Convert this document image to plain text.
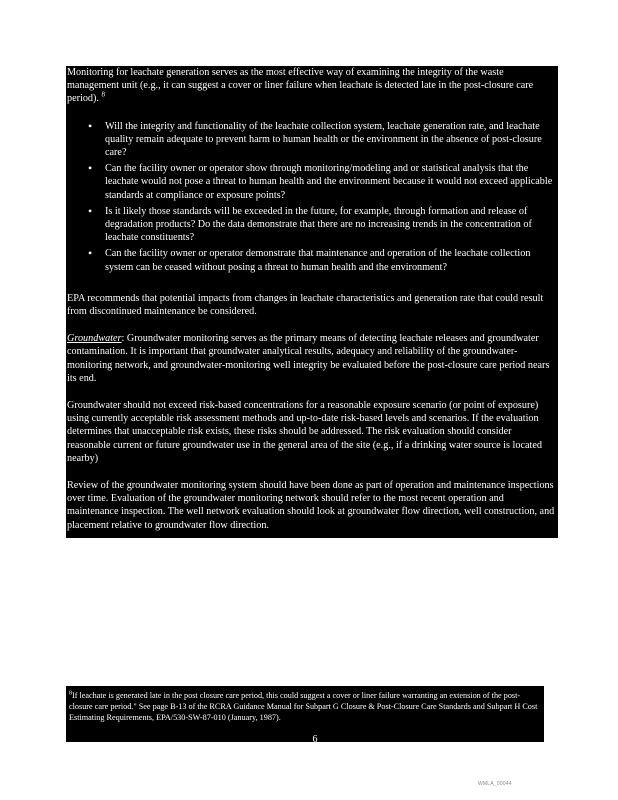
Monitoring for leachate generation serves as the most effective way of examining the integrity of the waste management unit (e.g., it can suggest a cover or liner failure when leachate is detected late in the post-closure care period). $^8$

• Will the integrity and functionality of the leachate collection system, leachate generation rate, and leachate quality remain adequate to prevent harm to human health or the environment in the absence of post-closure care?
• Can the facility owner or operator show through monitoring/modeling and or statistical analysis that the leachate would not pose a threat to human health and the environment because it would not exceed applicable standards at compliance or exposure points?
• Is it likely those standards will be exceeded in the future, for example, through formation and release of degradation products? Do the data demonstrate that there are no increasing trends in the concentration of leachate constituents?
• Can the facility owner or operator demonstrate that maintenance and operation of the leachate collection system can be ceased without posing a threat to human health and the environment?

EPA recommends that potential impacts from changes in leachate characteristics and generation rate that could result from discontinued maintenance be considered.

Groundwater: Groundwater monitoring serves as the primary means of detecting leachate releases and groundwater contamination. It is important that groundwater analytical results, adequacy and reliability of the groundwater-monitoring network, and groundwater-monitoring well integrity be evaluated before the post-closure care period nears its end.

Groundwater should not exceed risk-based concentrations for a reasonable exposure scenario (or point of exposure) using currently acceptable risk assessment methods and up-to-date risk-based levels and scenarios. If the evaluation determines that unacceptable risk exists, these risks should be addressed. The risk evaluation should consider reasonable current or future groundwater use in the general area of the site (e.g., if a drinking water source is located nearby)

Review of the groundwater monitoring system should have been done as part of operation and maintenance inspections over time. Evaluation of the groundwater monitoring network should refer to the most recent operation and maintenance inspection. The well network evaluation should look at groundwater flow direction, well construction, and placement relative to groundwater flow direction.

$^8$If leachate is generated late in the post closure care period, this could suggest a cover or liner failure warranting an extension of the post-closure care period." See page B-13 of the RCRA Guidance Manual for Subpart G Closure & Post-Closure Care Standards and Subpart H Cost Estimating Requirements, EPA/530-SW-87-010 (January, 1987).
6
WMLA_00044
